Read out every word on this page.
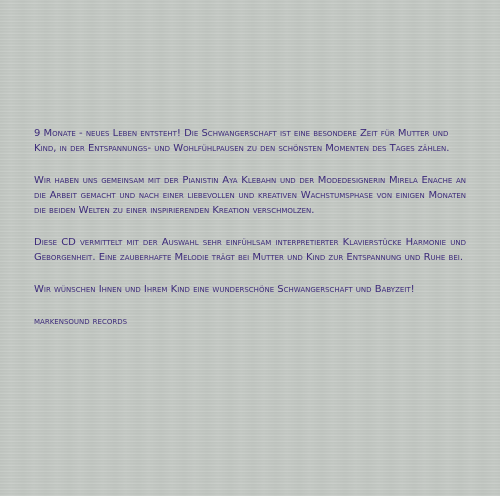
9 Monate - neues Leben entsteht! Die Schwangerschaft ist eine besondere Zeit für Mutter und Kind, in der Entspannungs- und Wohlfühlpausen zu den schönsten Momenten des Tages zählen.

Wir haben uns gemeinsam mit der Pianistin Aya Klebahn und der Modedesignerin Mirela Enache an die Arbeit gemacht und nach einer liebevollen und kreativen Wachstumsphase von einigen Monaten die beiden Welten zu einer inspirierenden Kreation verschmolzen.

Diese CD vermittelt mit der Auswahl sehr einfühlsam interpretierter Klavierstücke Harmonie und Geborgenheit. Eine zauberhafte Melodie trägt bei Mutter und Kind zur Entspannung und Ruhe bei.

Wir wünschen Ihnen und Ihrem Kind eine wunderschöne Schwangerschaft und Babyzeit!

markensound records
